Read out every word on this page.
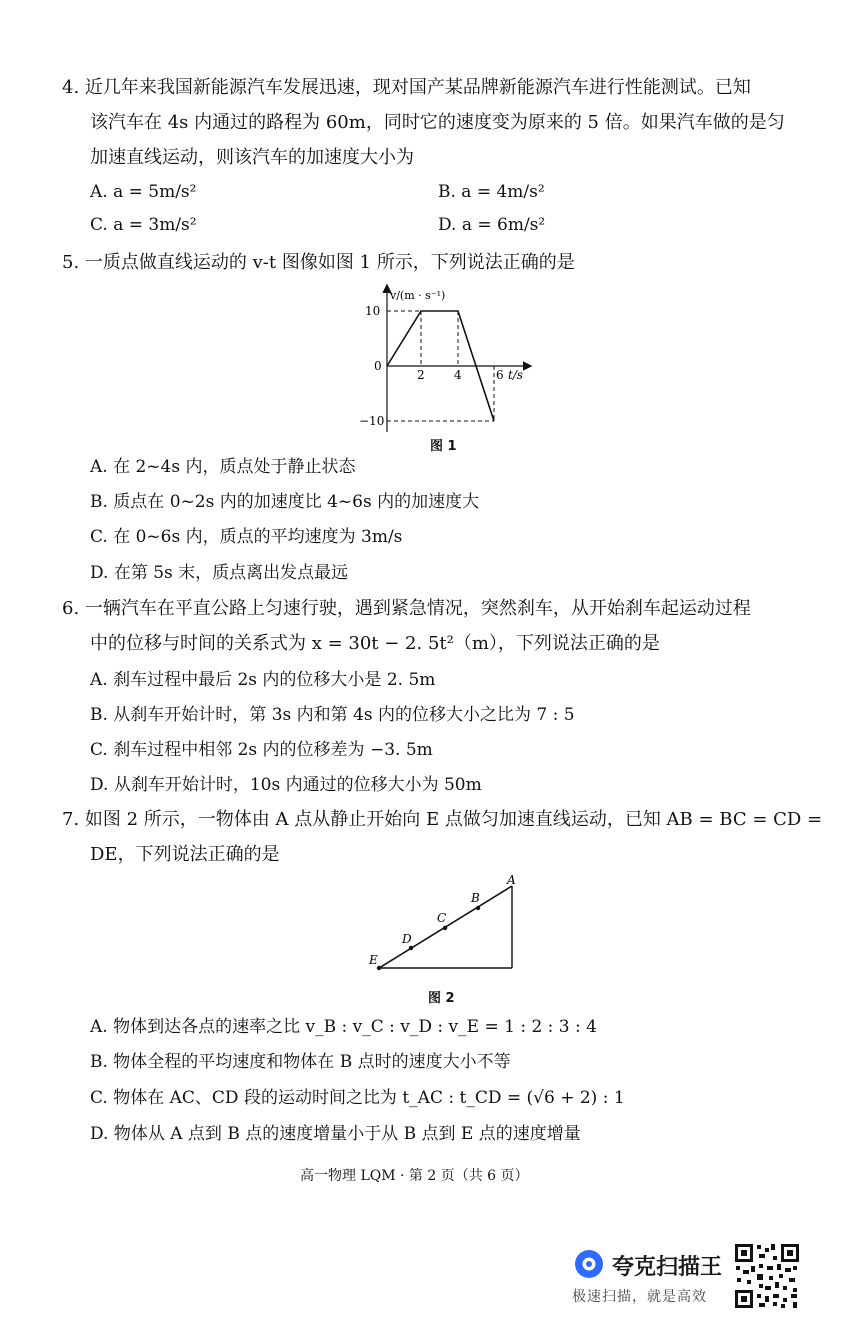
4. 近几年来我国新能源汽车发展迅速，现对国产某品牌新能源汽车进行性能测试。已知
该汽车在 4s 内通过的路程为 60m，同时它的速度变为原来的 5 倍。如果汽车做的是匀
加速直线运动，则该汽车的加速度大小为
A. a = 5m/s²	B. a = 4m/s²
C. a = 3m/s²	D. a = 6m/s²
5. 一质点做直线运动的 v-t 图像如图 1 所示，下列说法正确的是
v/(m · s⁻¹)
t/s
10
0
−10
2 4	6
图 1
A. 在 2~4s 内，质点处于静止状态
B. 质点在 0~2s 内的加速度比 4~6s 内的加速度大
C. 在 0~6s 内，质点的平均速度为 3m/s
D. 在第 5s 末，质点离出发点最远
6. 一辆汽车在平直公路上匀速行驶，遇到紧急情况，突然刹车，从开始刹车起运动过程
中的位移与时间的关系式为 x = 30t − 2. 5t²（m），下列说法正确的是
A. 刹车过程中最后 2s 内的位移大小是 2. 5m
B. 从刹车开始计时，第 3s 内和第 4s 内的位移大小之比为 7 : 5
C. 刹车过程中相邻 2s 内的位移差为 −3. 5m
D. 从刹车开始计时，10s 内通过的位移大小为 50m
7. 如图 2 所示，一物体由 A 点从静止开始向 E 点做匀加速直线运动，已知 AB = BC = CD =
DE，下列说法正确的是
A
B
C
D
E
图 2
A. 物体到达各点的速率之比 v_B : v_C : v_D : v_E = 1 : 2 : 3 : 4
B. 物体全程的平均速度和物体在 B 点时的速度大小不等
C. 物体在 AC、CD 段的运动时间之比为 t_AC : t_CD = (√6 + 2) : 1
D. 物体从 A 点到 B 点的速度增量小于从 B 点到 E 点的速度增量
高一物理 LQM · 第 2 页（共 6 页）
夸克扫描王
极速扫描，就是高效
